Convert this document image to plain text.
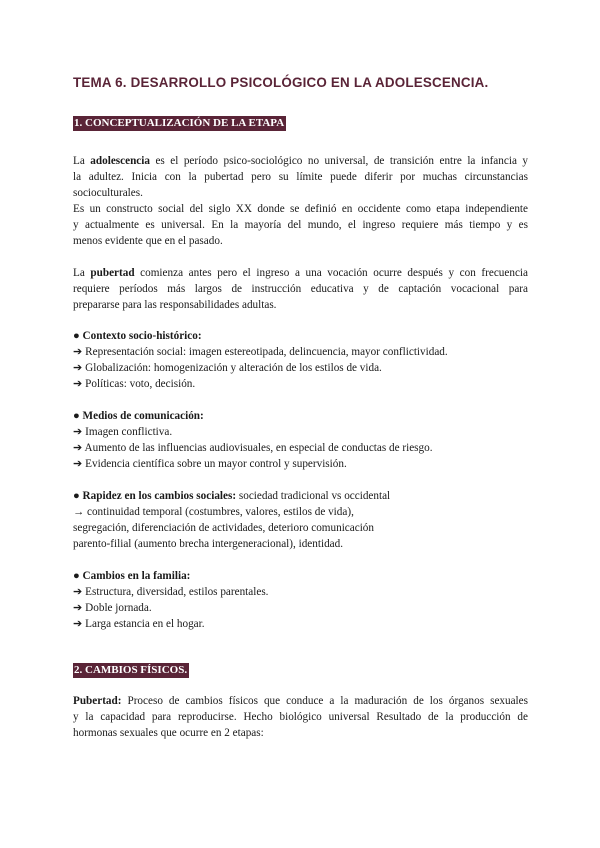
TEMA 6. DESARROLLO PSICOLÓGICO EN LA ADOLESCENCIA.
1. CONCEPTUALIZACIÓN DE LA ETAPA
La adolescencia es el período psico-sociológico no universal, de transición entre la infancia y
la adultez. Inicia con la pubertad pero su límite puede diferir por muchas circunstancias
socioculturales.
Es un constructo social del siglo XX donde se definió en occidente como etapa independiente
y actualmente es universal. En la mayoría del mundo, el ingreso requiere más tiempo y es
menos evidente que en el pasado.
La pubertad comienza antes pero el ingreso a una vocación ocurre después y con frecuencia
requiere períodos más largos de instrucción educativa y de captación vocacional para
prepararse para las responsabilidades adultas.
● Contexto socio-histórico:
➔ Representación social: imagen estereotipada, delincuencia, mayor conflictividad.
➔ Globalización: homogenización y alteración de los estilos de vida.
➔ Políticas: voto, decisión.
● Medios de comunicación:
➔ Imagen conflictiva.
➔ Aumento de las influencias audiovisuales, en especial de conductas de riesgo.
➔ Evidencia científica sobre un mayor control y supervisión.
● Rapidez en los cambios sociales: sociedad tradicional vs occidental
→ continuidad temporal (costumbres, valores, estilos de vida),
segregación, diferenciación de actividades, deterioro comunicación
parento-filial (aumento brecha intergeneracional), identidad.
● Cambios en la familia:
➔ Estructura, diversidad, estilos parentales.
➔ Doble jornada.
➔ Larga estancia en el hogar.
2. CAMBIOS FÍSICOS.
Pubertad: Proceso de cambios físicos que conduce a la maduración de los órganos sexuales
y la capacidad para reproducirse. Hecho biológico universal Resultado de la producción de
hormonas sexuales que ocurre en 2 etapas:
